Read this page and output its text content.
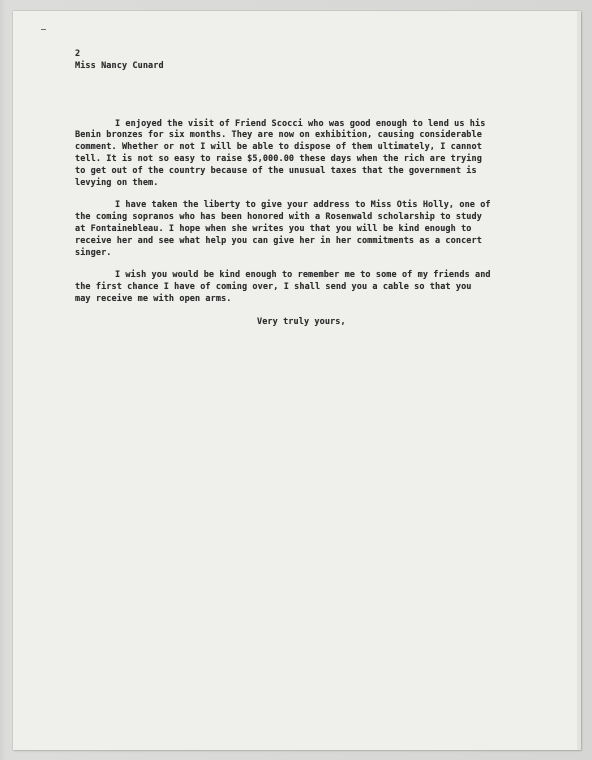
2
Miss Nancy Cunard

I enjoyed the visit of Friend Scocci who was good enough to lend us his
Benin bronzes for six months. They are now on exhibition, causing considerable
comment. Whether or not I will be able to dispose of them ultimately, I cannot
tell. It is not so easy to raise $5,000.00 these days when the rich are trying
to get out of the country because of the unusual taxes that the government is
levying on them.

I have taken the liberty to give your address to Miss Otis Holly, one of
the coming sopranos who has been honored with a Rosenwald scholarship to study
at Fontainebleau. I hope when she writes you that you will be kind enough to
receive her and see what help you can give her in her commitments as a concert
singer.

I wish you would be kind enough to remember me to some of my friends and
the first chance I have of coming over, I shall send you a cable so that you
may receive me with open arms.

Very truly yours,
